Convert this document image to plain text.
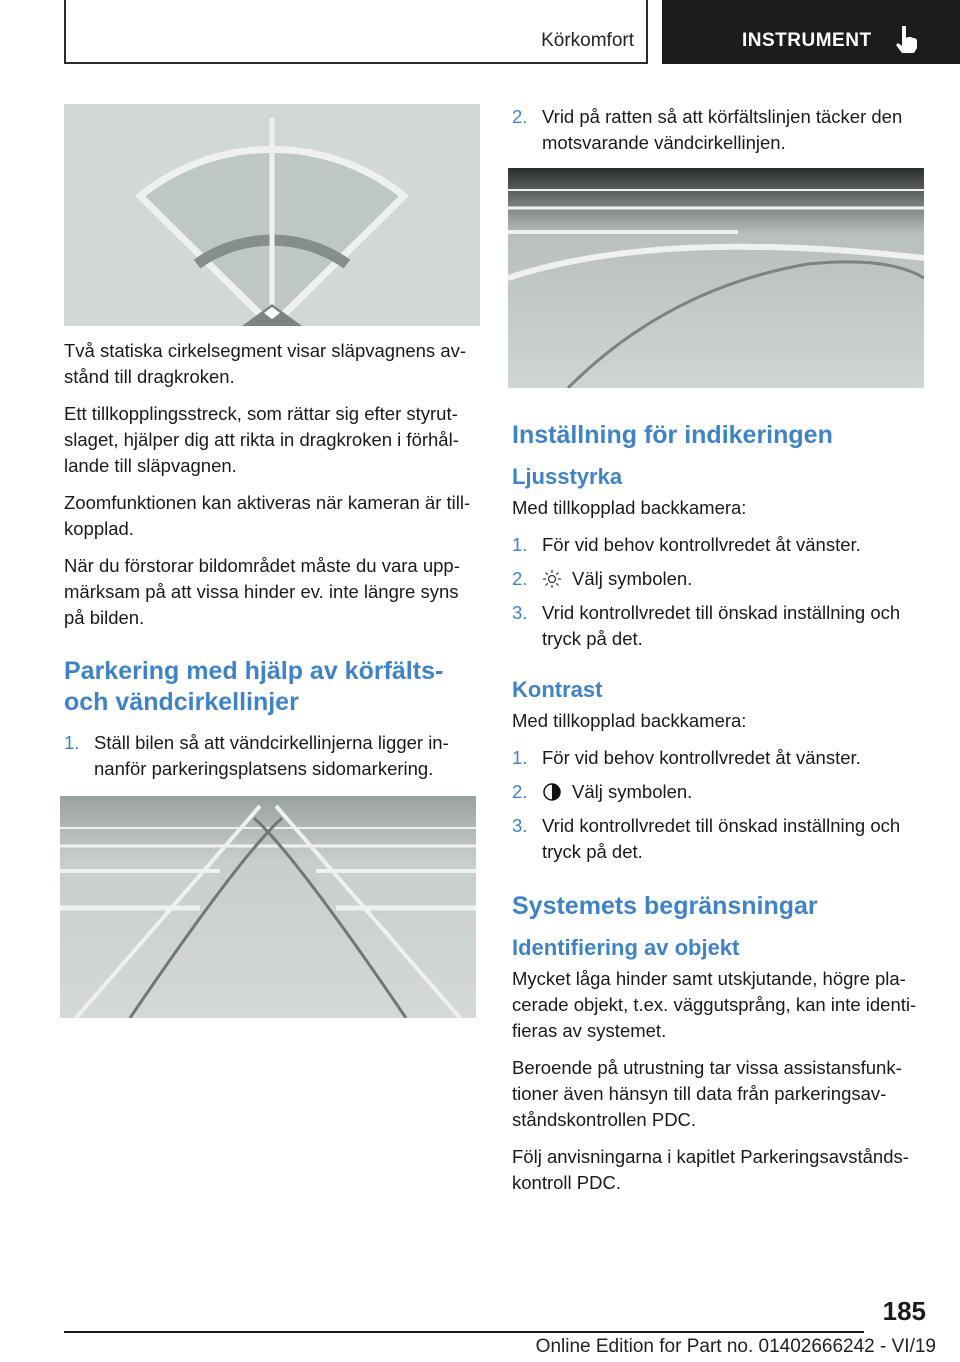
Körkomfort	INSTRUMENT

Två statiska cirkelsegment visar släpvagnens av‐stånd till dragkroken.

Ett tillkopplingsstreck, som rättar sig efter styrut‐slaget, hjälper dig att rikta in dragkroken i förhål‐lande till släpvagnen.

Zoomfunktionen kan aktiveras när kameran är till‐kopplad.

När du förstorar bildområdet måste du vara upp‐märksam på att vissa hinder ev. inte längre syns på bilden.

Parkering med hjälp av körfälts‐ och vändcirkellinjer
1. Ställ bilen så att vändcirkellinjerna ligger in‐nanför parkeringsplatsens sidomarkering.
2. Vrid på ratten så att körfältslinjen täcker den motsvarande vändcirkellinjen.
Inställning för indikeringen
Ljusstyrka

Med tillkopplad backkamera:

1. För vid behov kontrollvredet åt vänster.
2.	Välj symbolen.
3. Vrid kontrollvredet till önskad inställning och tryck på det.
Kontrast

Med tillkopplad backkamera:

1. För vid behov kontrollvredet åt vänster.
2.	Välj symbolen.
3. Vrid kontrollvredet till önskad inställning och tryck på det.
Systemets begränsningar
Identifiering av objekt

Mycket låga hinder samt utskjutande, högre pla‐cerade objekt, t.ex. väggutsprång, kan inte identi‐fieras av systemet.

Beroende på utrustning tar vissa assistansfunk‐tioner även hänsyn till data från parkeringsav‐ståndskontrollen PDC.

Följ anvisningarna i kapitlet Parkeringsavstånds‐kontroll PDC.

185
Online Edition for Part no. 01402666242 - VI/19
